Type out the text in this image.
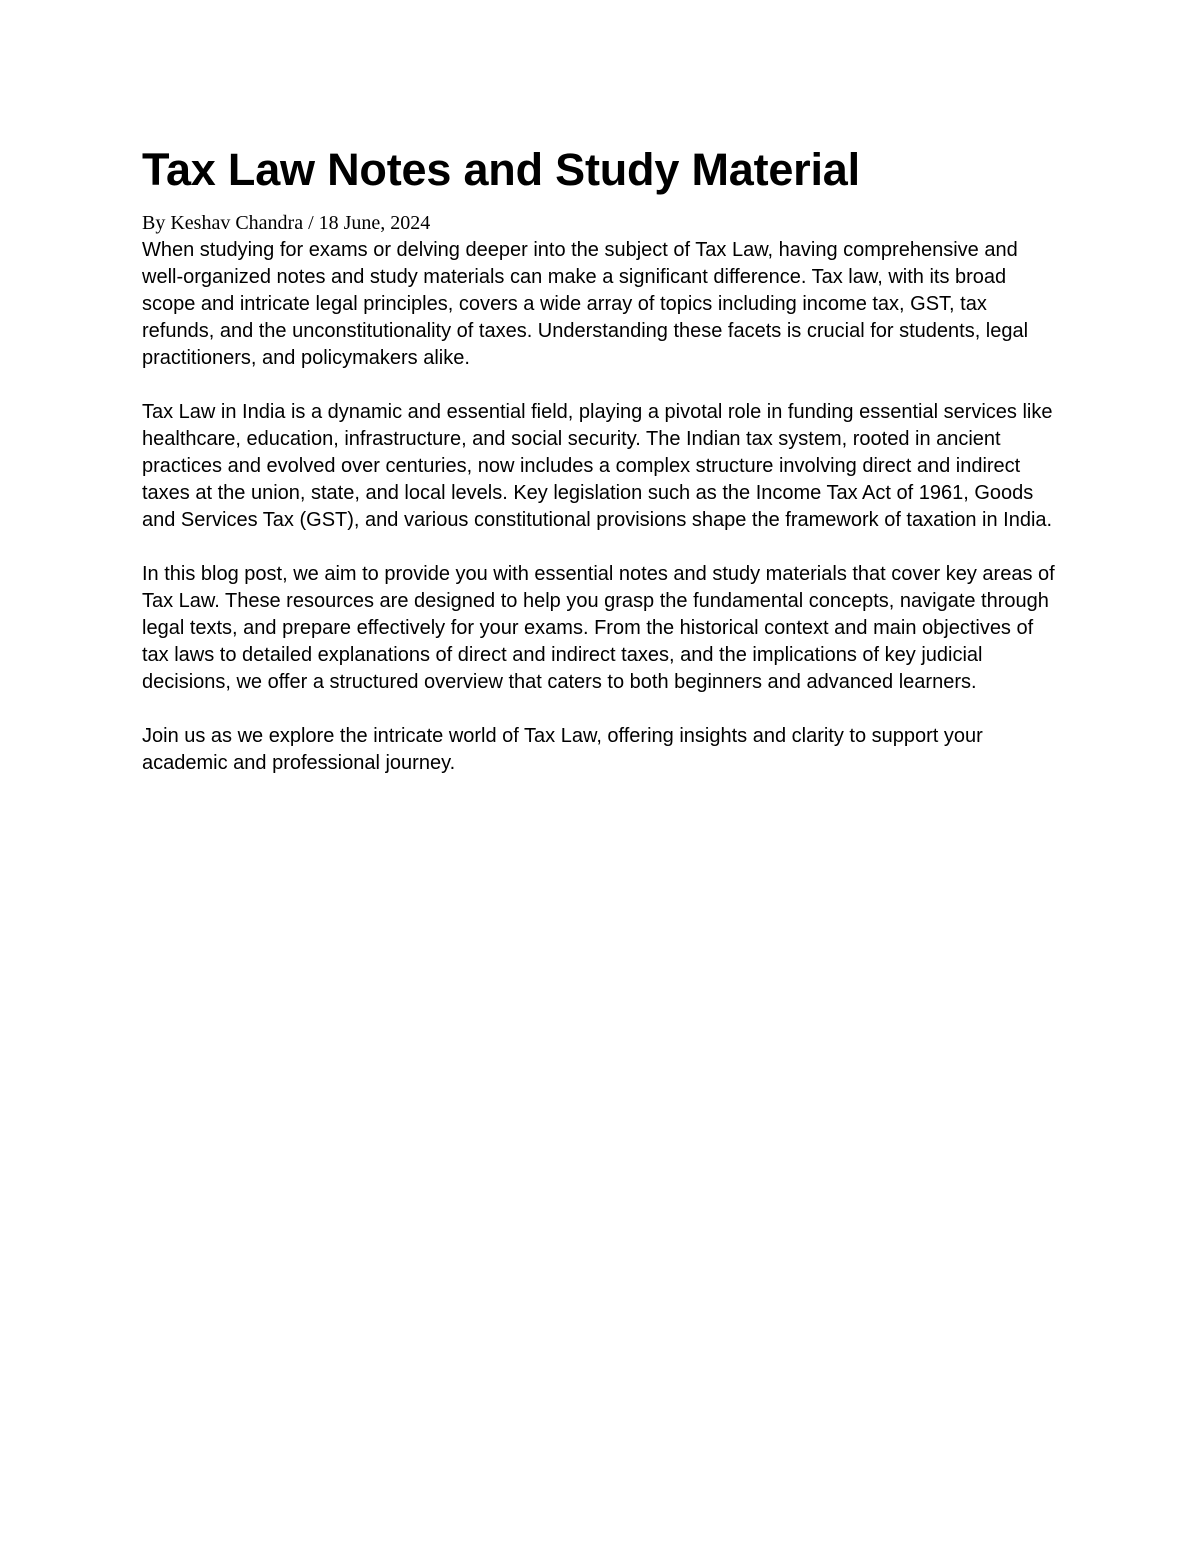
Tax Law Notes and Study Material

By Keshav Chandra / 18 June, 2024

When studying for exams or delving deeper into the subject of Tax Law, having comprehensive and well-organized notes and study materials can make a significant difference. Tax law, with its broad scope and intricate legal principles, covers a wide array of topics including income tax, GST, tax refunds, and the unconstitutionality of taxes. Understanding these facets is crucial for students, legal practitioners, and policymakers alike.

Tax Law in India is a dynamic and essential field, playing a pivotal role in funding essential services like healthcare, education, infrastructure, and social security. The Indian tax system, rooted in ancient practices and evolved over centuries, now includes a complex structure involving direct and indirect taxes at the union, state, and local levels. Key legislation such as the Income Tax Act of 1961, Goods and Services Tax (GST), and various constitutional provisions shape the framework of taxation in India.

In this blog post, we aim to provide you with essential notes and study materials that cover key areas of Tax Law. These resources are designed to help you grasp the fundamental concepts, navigate through legal texts, and prepare effectively for your exams. From the historical context and main objectives of tax laws to detailed explanations of direct and indirect taxes, and the implications of key judicial decisions, we offer a structured overview that caters to both beginners and advanced learners.

Join us as we explore the intricate world of Tax Law, offering insights and clarity to support your academic and professional journey.
